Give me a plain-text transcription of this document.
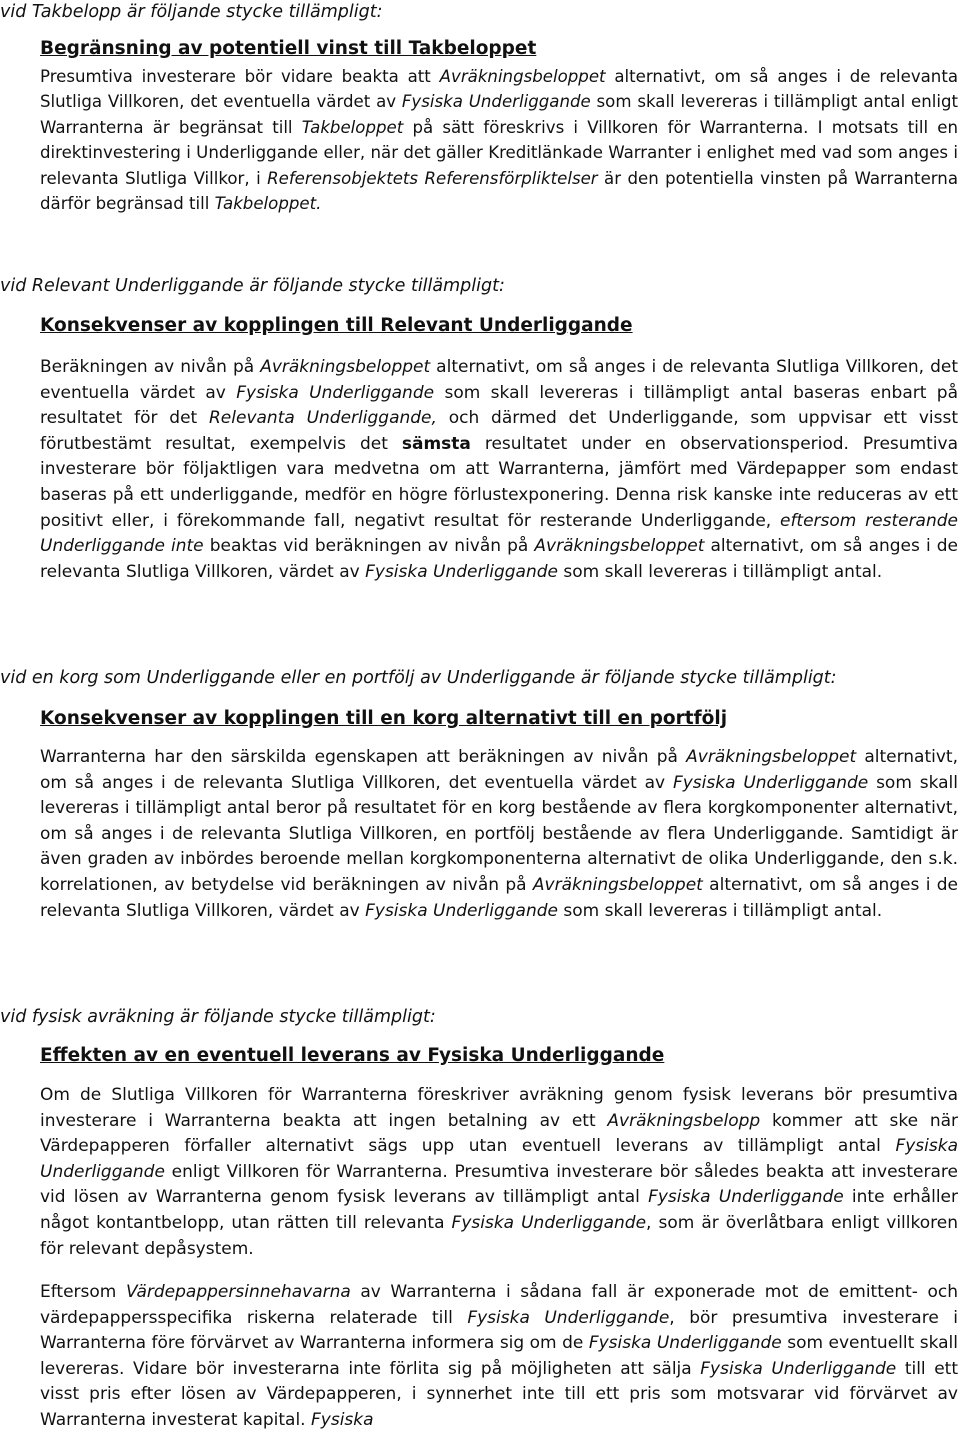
vid Takbelopp är följande stycke tillämpligt:
Begränsning av potentiell vinst till Takbeloppet
Presumtiva investerare bör vidare beakta att Avräkningsbeloppet alternativt, om så anges i de relevanta Slutliga Villkoren, det eventuella värdet av Fysiska Underliggande som skall levereras i tillämpligt antal enligt Warranterna är begränsat till Takbeloppet på sätt föreskrivs i Villkoren för Warranterna. I motsats till en direktinvestering i Underliggande eller, när det gäller Kreditlänkade Warranter i enlighet med vad som anges i relevanta Slutliga Villkor, i Referensobjektets Referensförpliktelser är den potentiella vinsten på Warranterna därför begränsad till Takbeloppet.
vid Relevant Underliggande är följande stycke tillämpligt:
Konsekvenser av kopplingen till Relevant Underliggande
Beräkningen av nivån på Avräkningsbeloppet alternativt, om så anges i de relevanta Slutliga Villkoren, det eventuella värdet av Fysiska Underliggande som skall levereras i tillämpligt antal baseras enbart på resultatet för det Relevanta Underliggande, och därmed det Underliggande, som uppvisar ett visst förutbestämt resultat, exempelvis det sämsta resultatet under en observationsperiod. Presumtiva investerare bör följaktligen vara medvetna om att Warranterna, jämfört med Värdepapper som endast baseras på ett underliggande, medför en högre förlustexponering. Denna risk kanske inte reduceras av ett positivt eller, i förekommande fall, negativt resultat för resterande Underliggande, eftersom resterande Underliggande inte beaktas vid beräkningen av nivån på Avräkningsbeloppet alternativt, om så anges i de relevanta Slutliga Villkoren, värdet av Fysiska Underliggande som skall levereras i tillämpligt antal.
vid en korg som Underliggande eller en portfölj av Underliggande är följande stycke tillämpligt:
Konsekvenser av kopplingen till en korg alternativt till en portfölj
Warranterna har den särskilda egenskapen att beräkningen av nivån på Avräkningsbeloppet alternativt, om så anges i de relevanta Slutliga Villkoren, det eventuella värdet av Fysiska Underliggande som skall levereras i tillämpligt antal beror på resultatet för en korg bestående av flera korgkomponenter alternativt, om så anges i de relevanta Slutliga Villkoren, en portfölj bestående av flera Underliggande. Samtidigt är även graden av inbördes beroende mellan korgkomponenterna alternativt de olika Underliggande, den s.k. korrelationen, av betydelse vid beräkningen av nivån på Avräkningsbeloppet alternativt, om så anges i de relevanta Slutliga Villkoren, värdet av Fysiska Underliggande som skall levereras i tillämpligt antal.
vid fysisk avräkning är följande stycke tillämpligt:
Effekten av en eventuell leverans av Fysiska Underliggande
Om de Slutliga Villkoren för Warranterna föreskriver avräkning genom fysisk leverans bör presumtiva investerare i Warranterna beakta att ingen betalning av ett Avräkningsbelopp kommer att ske när Värdepapperen förfaller alternativt sägs upp utan eventuell leverans av tillämpligt antal Fysiska Underliggande enligt Villkoren för Warranterna. Presumtiva investerare bör således beakta att investerare vid lösen av Warranterna genom fysisk leverans av tillämpligt antal Fysiska Underliggande inte erhåller något kontantbelopp, utan rätten till relevanta Fysiska Underliggande, som är överlåtbara enligt villkoren för relevant depåsystem.
Eftersom Värdepappersinnehavarna av Warranterna i sådana fall är exponerade mot de emittent- och värdepappersspecifika riskerna relaterade till Fysiska Underliggande, bör presumtiva investerare i Warranterna före förvärvet av Warranterna informera sig om de Fysiska Underliggande som eventuellt skall levereras. Vidare bör investerarna inte förlita sig på möjligheten att sälja Fysiska Underliggande till ett visst pris efter lösen av Värdepapperen, i synnerhet inte till ett pris som motsvarar vid förvärvet av Warranterna investerat kapital. Fysiska
